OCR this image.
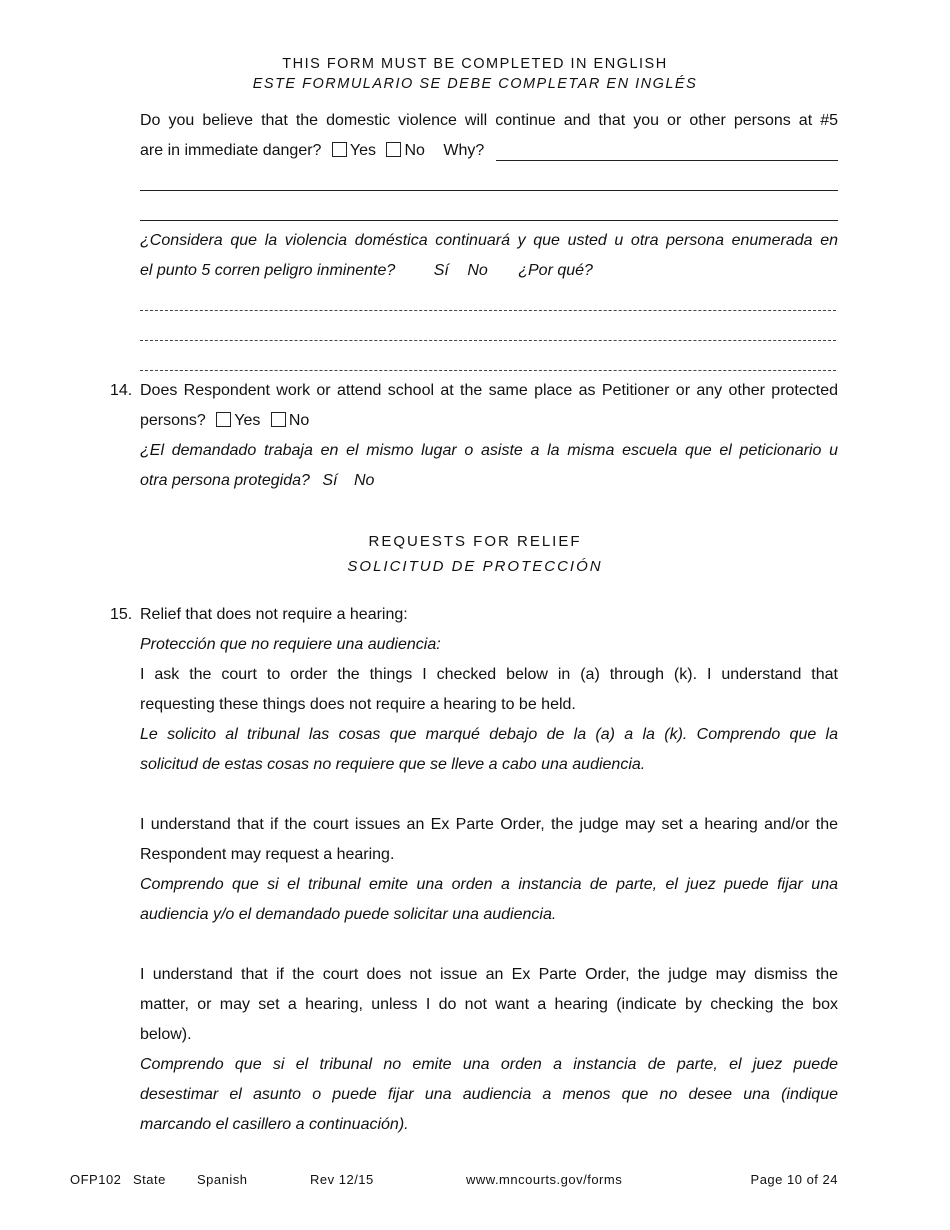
THIS FORM MUST BE COMPLETED IN ENGLISH
ESTE FORMULARIO SE DEBE COMPLETAR EN INGLÉS
Do you believe that the domestic violence will continue and that you or other persons at #5
are in immediate danger? Yes No Why?
¿Considera que la violencia doméstica continuará y que usted u otra persona enumerada en
el punto 5 corren peligro inminente? Sí No ¿Por qué?
14. Does Respondent work or attend school at the same place as Petitioner or any other protected
persons? Yes No
¿El demandado trabaja en el mismo lugar o asiste a la misma escuela que el peticionario u
otra persona protegida? Sí No
REQUESTS FOR RELIEF
SOLICITUD DE PROTECCIÓN
15. Relief that does not require a hearing:
Protección que no requiere una audiencia:
I ask the court to order the things I checked below in (a) through (k). I understand that
requesting these things does not require a hearing to be held.
Le solicito al tribunal las cosas que marqué debajo de la (a) a la (k). Comprendo que la
solicitud de estas cosas no requiere que se lleve a cabo una audiencia.
I understand that if the court issues an Ex Parte Order, the judge may set a hearing and/or the
Respondent may request a hearing.
Comprendo que si el tribunal emite una orden a instancia de parte, el juez puede fijar una
audiencia y/o el demandado puede solicitar una audiencia.
I understand that if the court does not issue an Ex Parte Order, the judge may dismiss the
matter, or may set a hearing, unless I do not want a hearing (indicate by checking the box
below).
Comprendo que si el tribunal no emite una orden a instancia de parte, el juez puede
desestimar el asunto o puede fijar una audiencia a menos que no desee una (indique
marcando el casillero a continuación).
OFP102 State Spanish	Rev 12/15	www.mncourts.gov/forms	Page 10 of 24
